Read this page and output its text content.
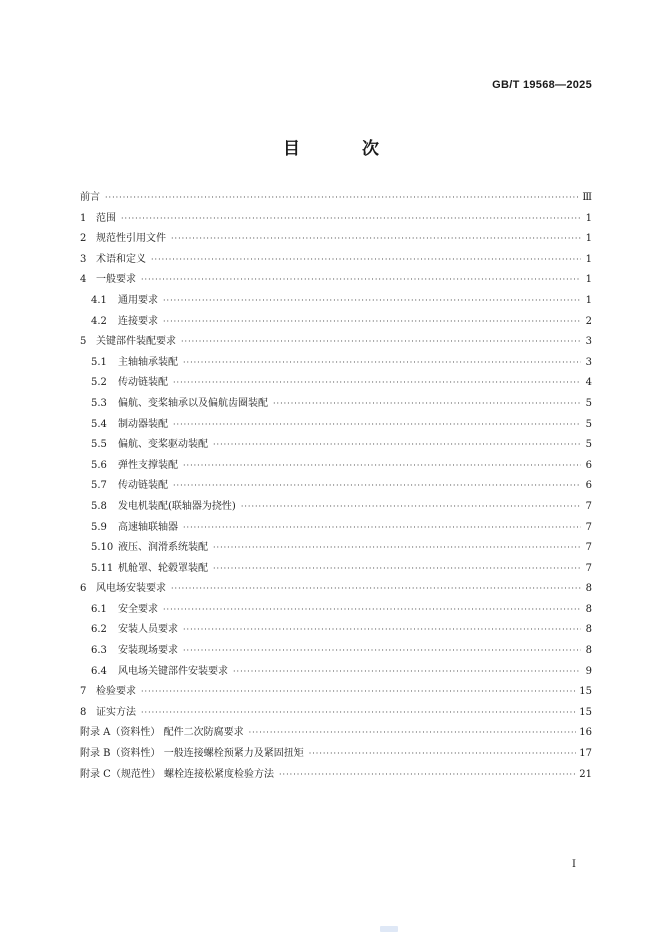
GB/T 19568—2025
目 次
前言 ·····	Ⅲ
1 范围 ·····	1
2 规范性引用文件 ·····	1
3 术语和定义 ·····	1
4 一般要求 ·····	1
4.1	通用要求 ·····	1
4.2	连接要求 ·····	2
5 关键部件装配要求 ·····	3
5.1	主轴轴承装配 ·····	3
5.2	传动链装配 ·····	4
5.3	偏航、变桨轴承以及偏航齿圈装配 ·····	5
5.4	制动器装配 ·····	5
5.5	偏航、变桨驱动装配 ·····	5
5.6	弹性支撑装配 ·····	6
5.7	传动链装配 ·····	6
5.8	发电机装配(联轴器为挠性) ·····	7
5.9	高速轴联轴器 ·····	7
5.10 液压、润滑系统装配 ·····	7
5.11 机舱罩、轮毂罩装配 ·····	7
6 风电场安装要求 ·····	8
6.1	安全要求 ·····	8
6.2	安装人员要求 ·····	8
6.3	安装现场要求 ·····	8
6.4	风电场关键部件安装要求 ·····	9
7 检验要求 ·····	15
8 证实方法 ·····	15
附录 A（资料性） 配件二次防腐要求 ·····	16
附录 B（资料性） 一般连接螺栓预紧力及紧固扭矩 ·····	17
附录 C（规范性） 螺栓连接松紧度检验方法 ·····	21
Ⅰ
